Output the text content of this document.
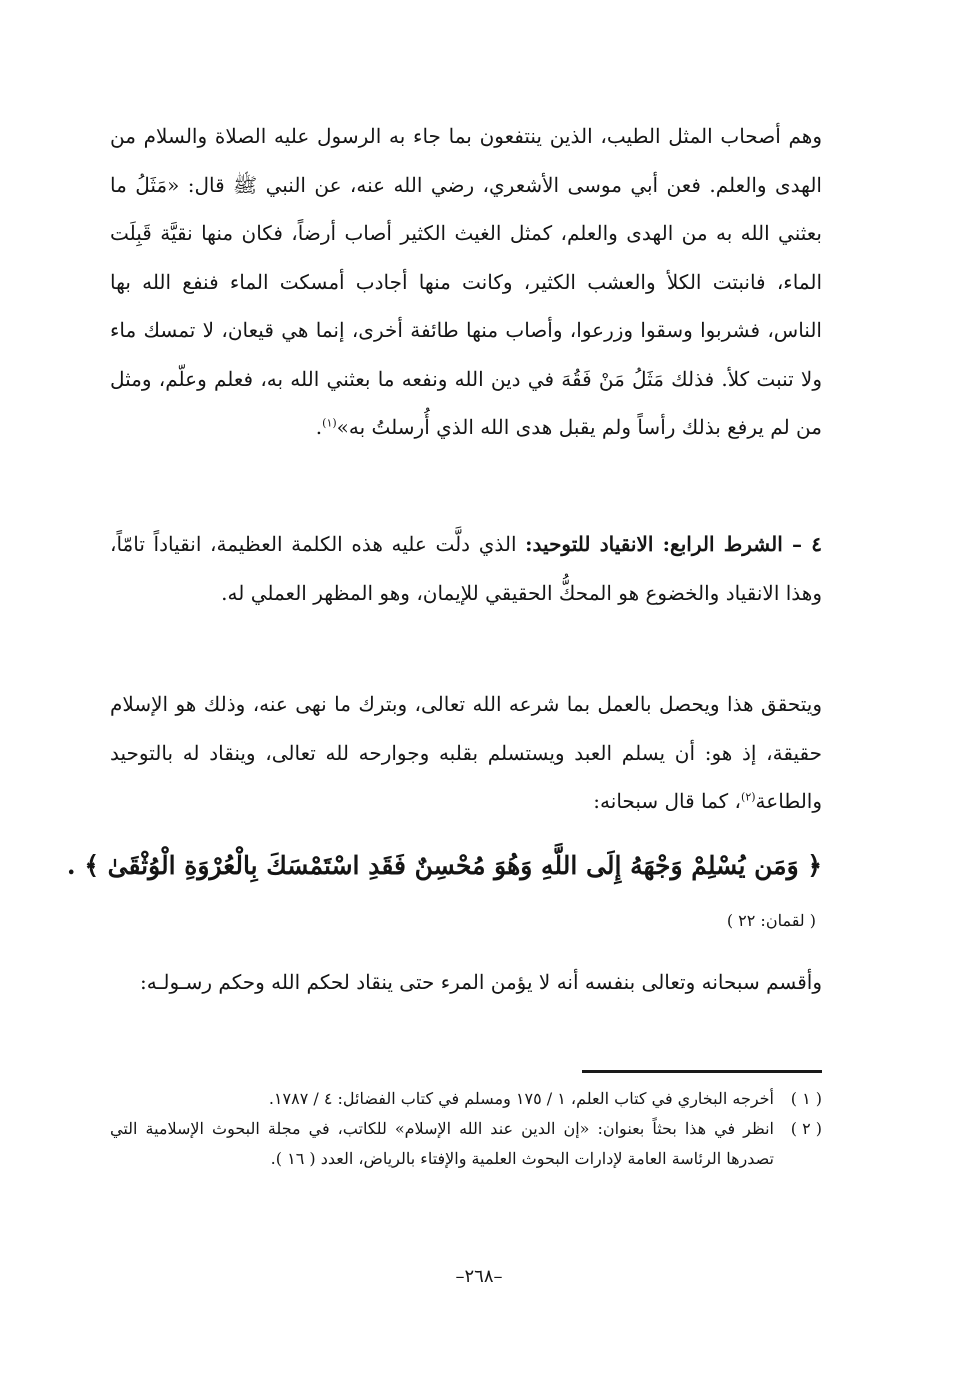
وهم أصحاب المثل الطيب، الذين ينتفعون بما جاء به الرسول عليه الصلاة والسلام من الهدى والعلم. فعن أبي موسى الأشعري، رضي الله عنه، عن النبي ﷺ قال: «مَثَلُ ما بعثني الله به من الهدى والعلم، كمثل الغيث الكثير أصاب أرضاً، فكان منها نقيَّة قَبِلَت الماء، فانبتت الكلأ والعشب الكثير، وكانت منها أجادب أمسكت الماء فنفع الله بها الناس، فشربوا وسقوا وزرعوا، وأصاب منها طائفة أخرى، إنما هي قيعان، لا تمسك ماء ولا تنبت كلأ. فذلك مَثَلُ مَنْ فَقُهَ في دين الله ونفعه ما بعثني الله به، فعلم وعلّم، ومثل من لم يرفع بذلك رأساً ولم يقبل هدى الله الذي أُرسلتُ به»$^{(١)}$.
٤ – الشرط الرابع: الانقياد للتوحيد: الذي دلَّت عليه هذه الكلمة العظيمة، انقياداً تامّاً، وهذا الانقياد والخضوع هو المحكُّ الحقيقي للإيمان، وهو المظهر العملي له.
ويتحقق هذا ويحصل بالعمل بما شرعه الله تعالى، وبترك ما نهى عنه، وذلك هو الإسلام حقيقة، إذ هو: أن يسلم العبد ويستسلم بقلبه وجوارحه لله تعالى، وينقاد له بالتوحيد والطاعة$^{(٢)}$، كما قال سبحانه:
﴿ وَمَن يُسْلِمْ وَجْهَهُ إِلَى اللَّهِ وَهُوَ مُحْسِنٌ فَقَدِ اسْتَمْسَكَ بِالْعُرْوَةِ الْوُثْقَىٰ ﴾ .
( لقمان: ٢٢ )
وأقسم سبحانه وتعالى بنفسه أنه لا يؤمن المرء حتى ينقاد لحكم الله وحكم رسـولـه:
( ١ )
أخرجه البخاري في كتاب العلم، ١ / ١٧٥ ومسلم في كتاب الفضائل: ٤ / ١٧٨٧.
( ٢ )
انظر في هذا بحثاً بعنوان: «إن الدين عند الله الإسلام» للكاتب، في مجلة البحوث الإسلامية التي تصدرها الرئاسة العامة لإدارات البحوث العلمية والإفتاء بالرياض، العدد ( ١٦ ).
–٢٦٨–
